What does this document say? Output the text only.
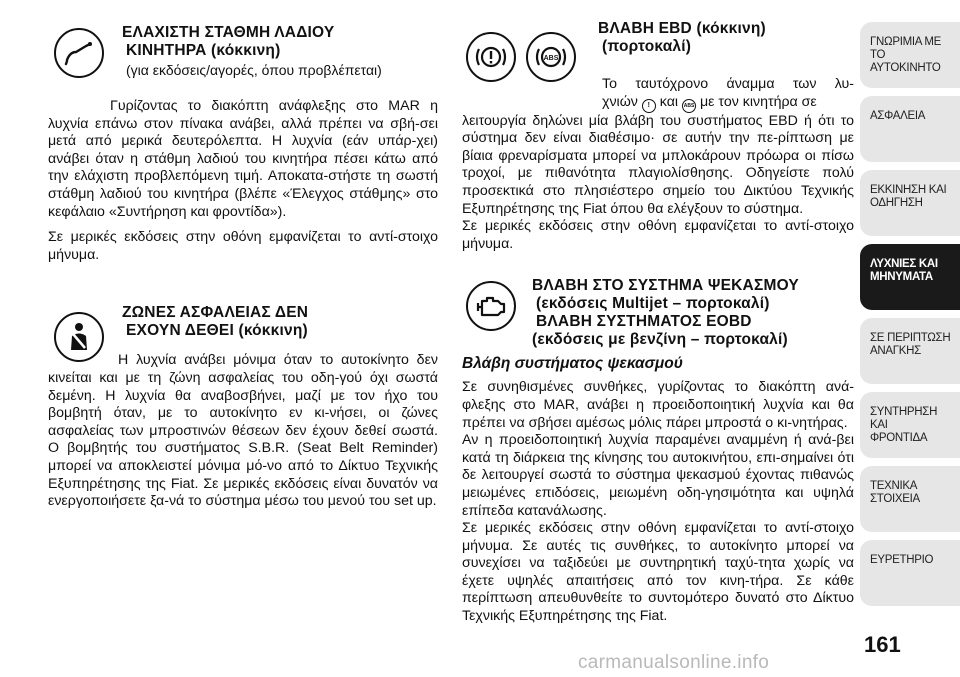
ΕΛΑΧΙΣΤΗ ΣΤΑΘΜΗ ΛΑΔΙΟΥ
ΚΙΝΗΤΗΡΑ (κόκκινη)
(για εκδόσεις/αγορές, όπου προβλέπεται)

Γυρίζοντας το διακόπτη ανάφλεξης στο MAR η λυχνία επάνω στον πίνακα ανάβει, αλλά πρέπει να σβή-σει μετά από μερικά δευτερόλεπτα. Η λυχνία (εάν υπάρ-χει) ανάβει όταν η στάθμη λαδιού του κινητήρα πέσει κάτω από την ελάχιστη προβλεπόμενη τιμή. Αποκατα-στήστε τη σωστή στάθμη λαδιού του κινητήρα (βλέπε «Έλεγχος στάθμης» στο κεφάλαιο «Συντήρηση και φροντίδα»).

Σε μερικές εκδόσεις στην οθόνη εμφανίζεται το αντί-στοιχο μήνυμα.

ΖΩΝΕΣ ΑΣΦΑΛΕΙΑΣ ΔΕΝ
ΕΧΟΥΝ ΔΕΘΕΙ (κόκκινη)

Η λυχνία ανάβει μόνιμα όταν το αυτοκίνητο δεν κινείται και με τη ζώνη ασφαλείας του οδη-γού όχι σωστά δεμένη. Η λυχνία θα αναβοσβήνει, μαζί με τον ήχο του βομβητή όταν, με το αυτοκίνητο εν κι-νήσει, οι ζώνες ασφαλείας των μπροστινών θέσεων δεν έχουν δεθεί σωστά. Ο βομβητής του συστήματος S.B.R. (Seat Belt Reminder) μπορεί να αποκλειστεί μόνιμα μό-νο από το Δίκτυο Τεχνικής Εξυπηρέτησης της Fiat. Σε μερικές εκδόσεις είναι δυνατόν να ενεργοποιήσετε ξα-νά το σύστημα μέσω του μενού του set up.

ABS
ΒΛΑΒΗ EBD (κόκκινη)
(πορτοκαλί)

Το ταυτόχρονο άναμμα των λυ-

χνιών ! και ABS με τον κινητήρα σε

λειτουργία δηλώνει μία βλάβη του συστήματος EBD ή ότι το σύστημα δεν είναι διαθέσιμο· σε αυτήν την πε-ρίπτωση με βίαια φρεναρίσματα μπορεί να μπλοκάρουν πρόωρα οι πίσω τροχοί, με πιθανότητα πλαγιολίσθησης. Οδηγείστε πολύ προσεκτικά στο πλησιέστερο σημείο του Δικτύου Τεχνικής Εξυπηρέτησης της Fiat όπου θα ελέγξουν το σύστημα.

Σε μερικές εκδόσεις στην οθόνη εμφανίζεται το αντί-στοιχο μήνυμα.

ΒΛΑΒΗ ΣΤΟ ΣΥΣΤΗΜΑ ΨΕΚΑΣΜΟΥ
(εκδόσεις Multijet – πορτοκαλί)
ΒΛΑΒΗ ΣΥΣΤΗΜΑΤΟΣ EOBD
(εκδόσεις με βενζίνη – πορτοκαλί)

Βλάβη συστήματος ψεκασμού

Σε συνηθισμένες συνθήκες, γυρίζοντας το διακόπτη ανά-φλεξης στο MAR, ανάβει η προειδοποιητική λυχνία και θα πρέπει να σβήσει αμέσως μόλις πάρει μπροστά ο κι-νητήρας.

Αν η προειδοποιητική λυχνία παραμένει αναμμένη ή ανά-βει κατά τη διάρκεια της κίνησης του αυτοκινήτου, επι-σημαίνει ότι δε λειτουργεί σωστά το σύστημα ψεκασμού έχοντας πιθανώς μειωμένες επιδόσεις, μειωμένη οδη-γησιμότητα και υψηλά επίπεδα κατανάλωσης.

Σε μερικές εκδόσεις στην οθόνη εμφανίζεται το αντί-στοιχο μήνυμα. Σε αυτές τις συνθήκες, το αυτοκίνητο μπορεί να συνεχίσει να ταξιδεύει με συντηρητική ταχύ-τητα χωρίς να έχετε υψηλές απαιτήσεις από τον κινη-τήρα. Σε κάθε περίπτωση απευθυνθείτε το συντομότερο δυνατό στο Δίκτυο Τεχνικής Εξυπηρέτησης της Fiat.

ΓΝΩΡΙΜΙΑ ΜΕ ΤΟ
ΑΥΤΟΚΙΝΗΤΟ
ΑΣΦΑΛΕΙΑ
ΕΚΚΙΝΗΣΗ ΚΑΙ
ΟΔΗΓΗΣΗ
ΛΥΧΝΙΕΣ ΚΑΙ
ΜΗΝΥΜΑΤΑ
ΣΕ ΠΕΡΙΠΤΩΣΗ
ΑΝΑΓΚΗΣ
ΣΥΝΤΗΡΗΣΗ ΚΑΙ
ΦΡΟΝΤΙΔΑ
ΤΕΧΝΙΚΑ ΣΤΟΙΧΕΙΑ
ΕΥΡΕΤΗΡΙΟ
161
carmanualsonline.info
